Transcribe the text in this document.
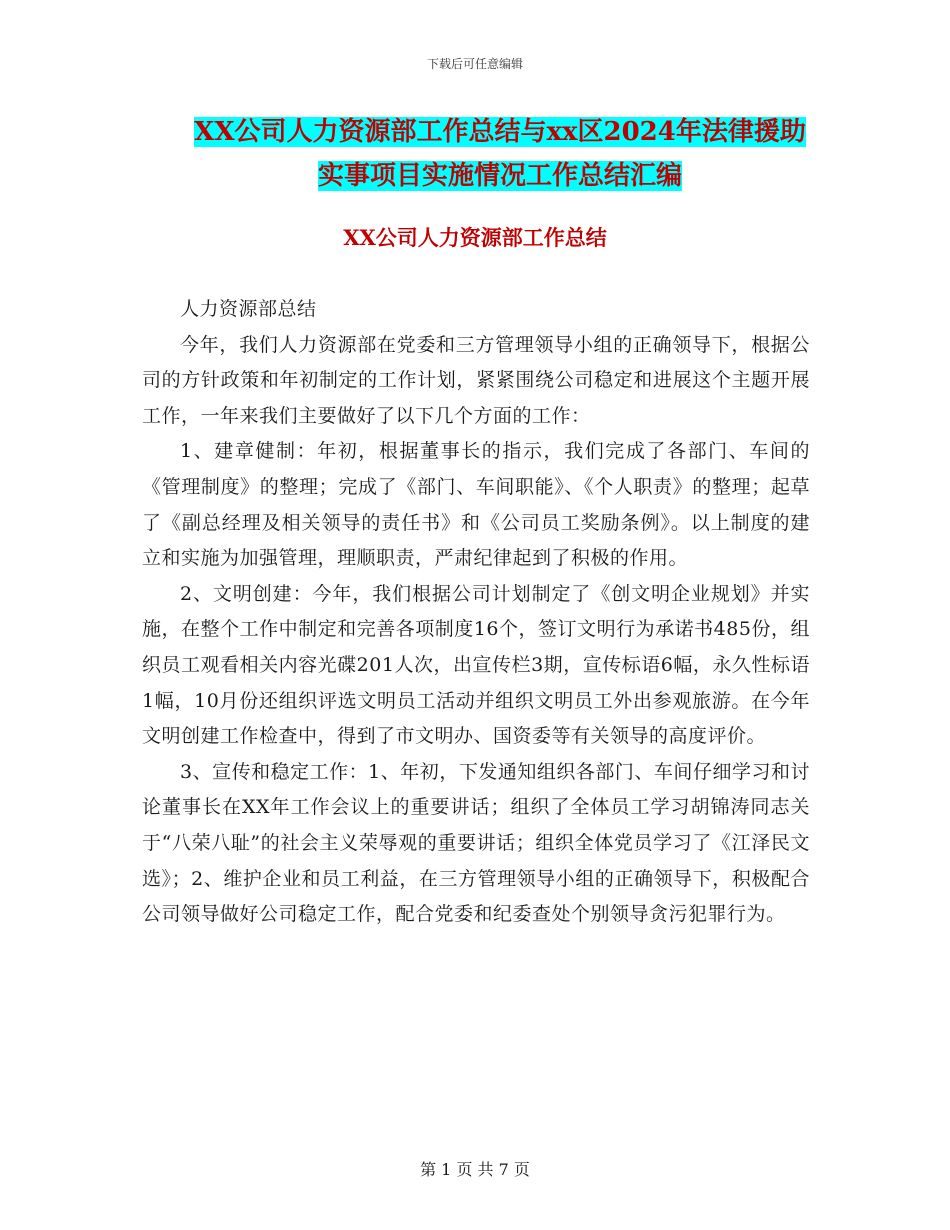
下载后可任意编辑
XX公司人力资源部工作总结与xx区2024年法律援助
实事项目实施情况工作总结汇编
XX公司人力资源部工作总结

人力资源部总结

今年，我们人力资源部在党委和三方管理领导小组的正确领导下，根据公司的方针政策和年初制定的工作计划，紧紧围绕公司稳定和进展这个主题开展工作，一年来我们主要做好了以下几个方面的工作：

1、建章健制：年初，根据董事长的指示，我们完成了各部门、车间的《管理制度》的整理；完成了《部门、车间职能》、《个人职责》的整理；起草了《副总经理及相关领导的责任书》和《公司员工奖励条例》。以上制度的建立和实施为加强管理，理顺职责，严肃纪律起到了积极的作用。

2、文明创建：今年，我们根据公司计划制定了《创文明企业规划》并实施，在整个工作中制定和完善各项制度16个，签订文明行为承诺书485份，组织员工观看相关内容光碟201人次，出宣传栏3期，宣传标语6幅，永久性标语1幅，10月份还组织评选文明员工活动并组织文明员工外出参观旅游。在今年文明创建工作检查中，得到了市文明办、国资委等有关领导的高度评价。

3、宣传和稳定工作：1、年初，下发通知组织各部门、车间仔细学习和讨论董事长在XX年工作会议上的重要讲话；组织了全体员工学习胡锦涛同志关于“八荣八耻”的社会主义荣辱观的重要讲话；组织全体党员学习了《江泽民文选》；2、维护企业和员工利益，在三方管理领导小组的正确领导下，积极配合公司领导做好公司稳定工作，配合党委和纪委查处个别领导贪污犯罪行为。

第 1 页 共 7 页
